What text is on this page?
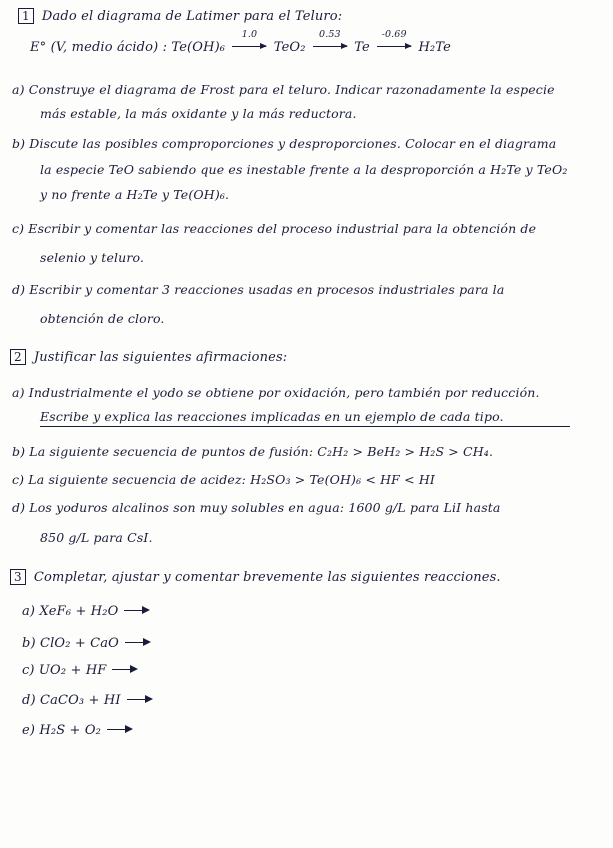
1 Dado el diagrama de Latimer para el Teluro:
E° (V, medio ácido) : Te(OH)₆
1.0
TeO₂
0.53
Te
-0.69
H₂Te
a) Construye el diagrama de Frost para el teluro. Indicar razonadamente la especie
más estable, la más oxidante y la más reductora.
b) Discute las posibles comproporciones y desproporciones. Colocar en el diagrama
la especie TeO sabiendo que es inestable frente a la desproporción a H₂Te y TeO₂
y no frente a H₂Te y Te(OH)₆.
c) Escribir y comentar las reacciones del proceso industrial para la obtención de
selenio y teluro.
d) Escribir y comentar 3 reacciones usadas en procesos industriales para la
obtención de cloro.
2 Justificar las siguientes afirmaciones:
a) Industrialmente el yodo se obtiene por oxidación, pero también por reducción.
Escribe y explica las reacciones implicadas en un ejemplo de cada tipo.
b) La siguiente secuencia de puntos de fusión: C₂H₂ > BeH₂ > H₂S > CH₄.
c) La siguiente secuencia de acidez: H₂SO₃ > Te(OH)₆ < HF < HI
d) Los yoduros alcalinos son muy solubles en agua: 1600 g/L para LiI hasta
850 g/L para CsI.
3 Completar, ajustar y comentar brevemente las siguientes reacciones.
a) XeF₆ + H₂O
b) ClO₂ + CaO
c) UO₂ + HF
d) CaCO₃ + HI
e) H₂S + O₂
